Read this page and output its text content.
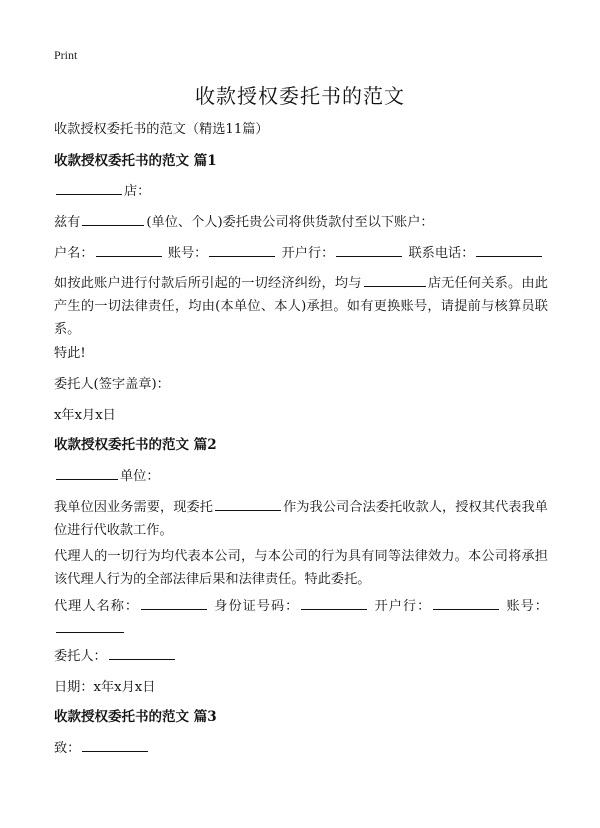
Print
收款授权委托书的范文
收款授权委托书的范文（精选11篇）
收款授权委托书的范文 篇1
店：
兹有	(单位、个人)委托贵公司将供货款付至以下账户：
户名：	账号：	开户行：	联系电话：
如按此账户进行付款后所引起的一切经济纠纷，均与	店无任何关系。由此产生的一切法律责任，均由(本单位、本人)承担。如有更换账号，请提前与核算员联系。
特此!
委托人(签字盖章)：
x年x月x日
收款授权委托书的范文 篇2
单位：
我单位因业务需要，现委托	作为我公司合法委托收款人，授权其代表我单位进行代收款工作。
代理人的一切行为均代表本公司，与本公司的行为具有同等法律效力。本公司将承担该代理人行为的全部法律后果和法律责任。特此委托。
代理人名称：	身份证号码：	开户行：	账号：
委托人：
日期：x年x月x日
收款授权委托书的范文 篇3
致：
